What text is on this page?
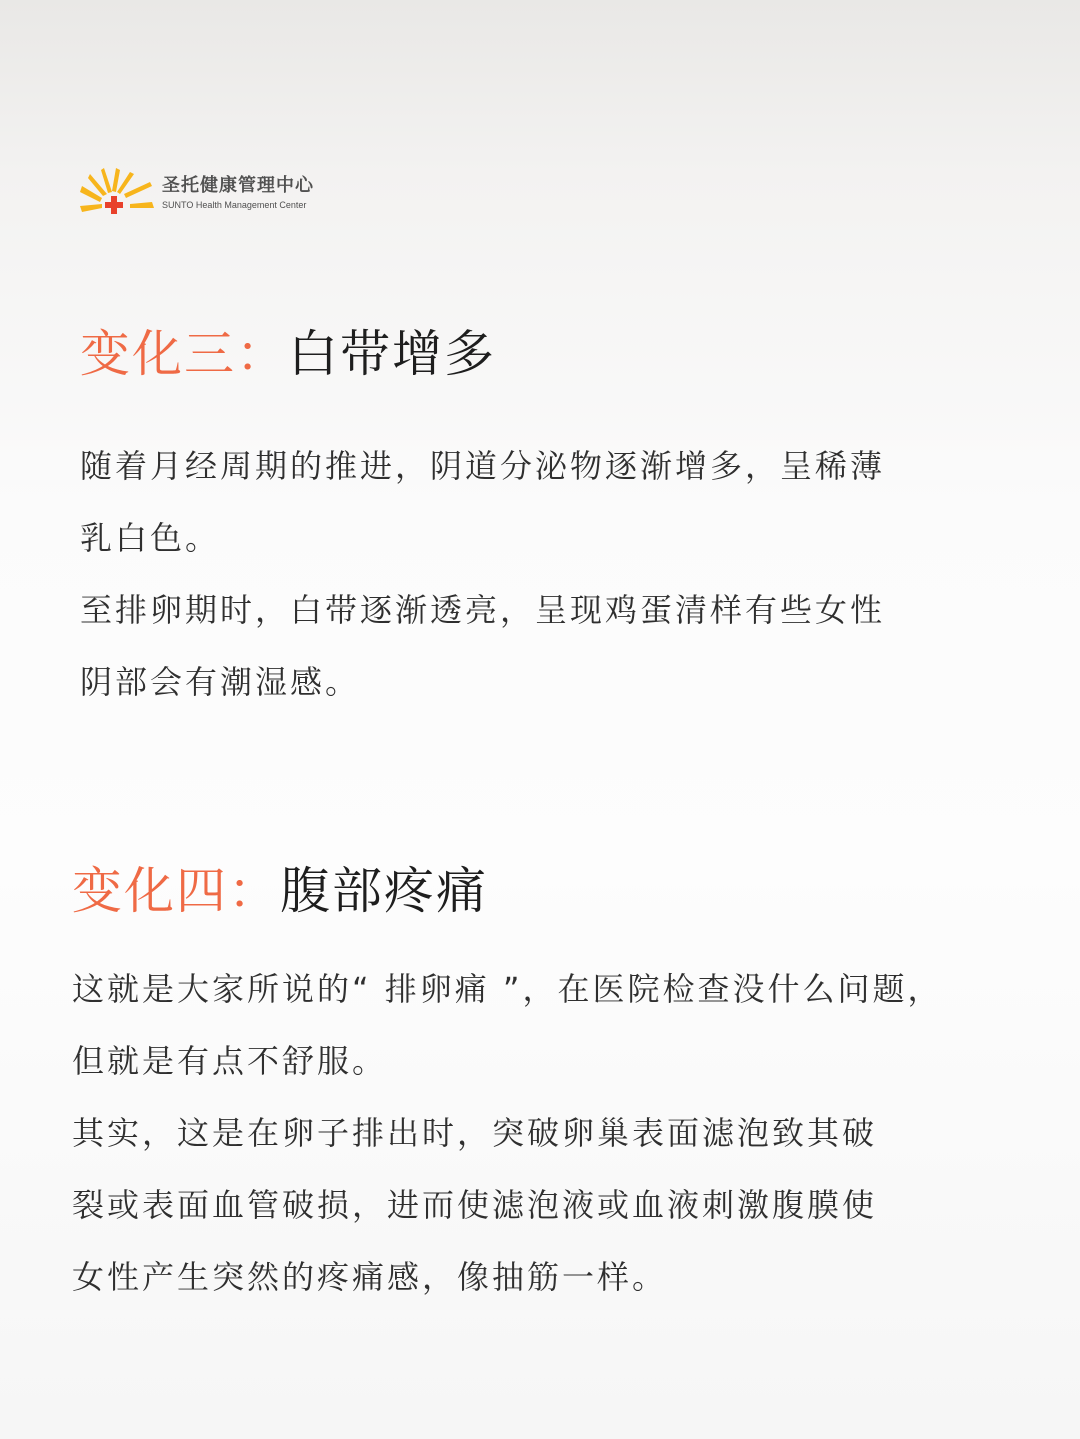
圣托健康管理中心
SUNTO Health Management Center
变化三：白带增多

随着月经周期的推进，阴道分泌物逐渐增多，呈稀薄
乳白色。
至排卵期时，白带逐渐透亮，呈现鸡蛋清样有些女性
阴部会有潮湿感。

变化四：腹部疼痛

这就是大家所说的“ 排卵痛 ”，在医院检查没什么问题，
但就是有点不舒服。
其实，这是在卵子排出时，突破卵巢表面滤泡致其破
裂或表面血管破损，进而使滤泡液或血液刺激腹膜使
女性产生突然的疼痛感，像抽筋一样。
